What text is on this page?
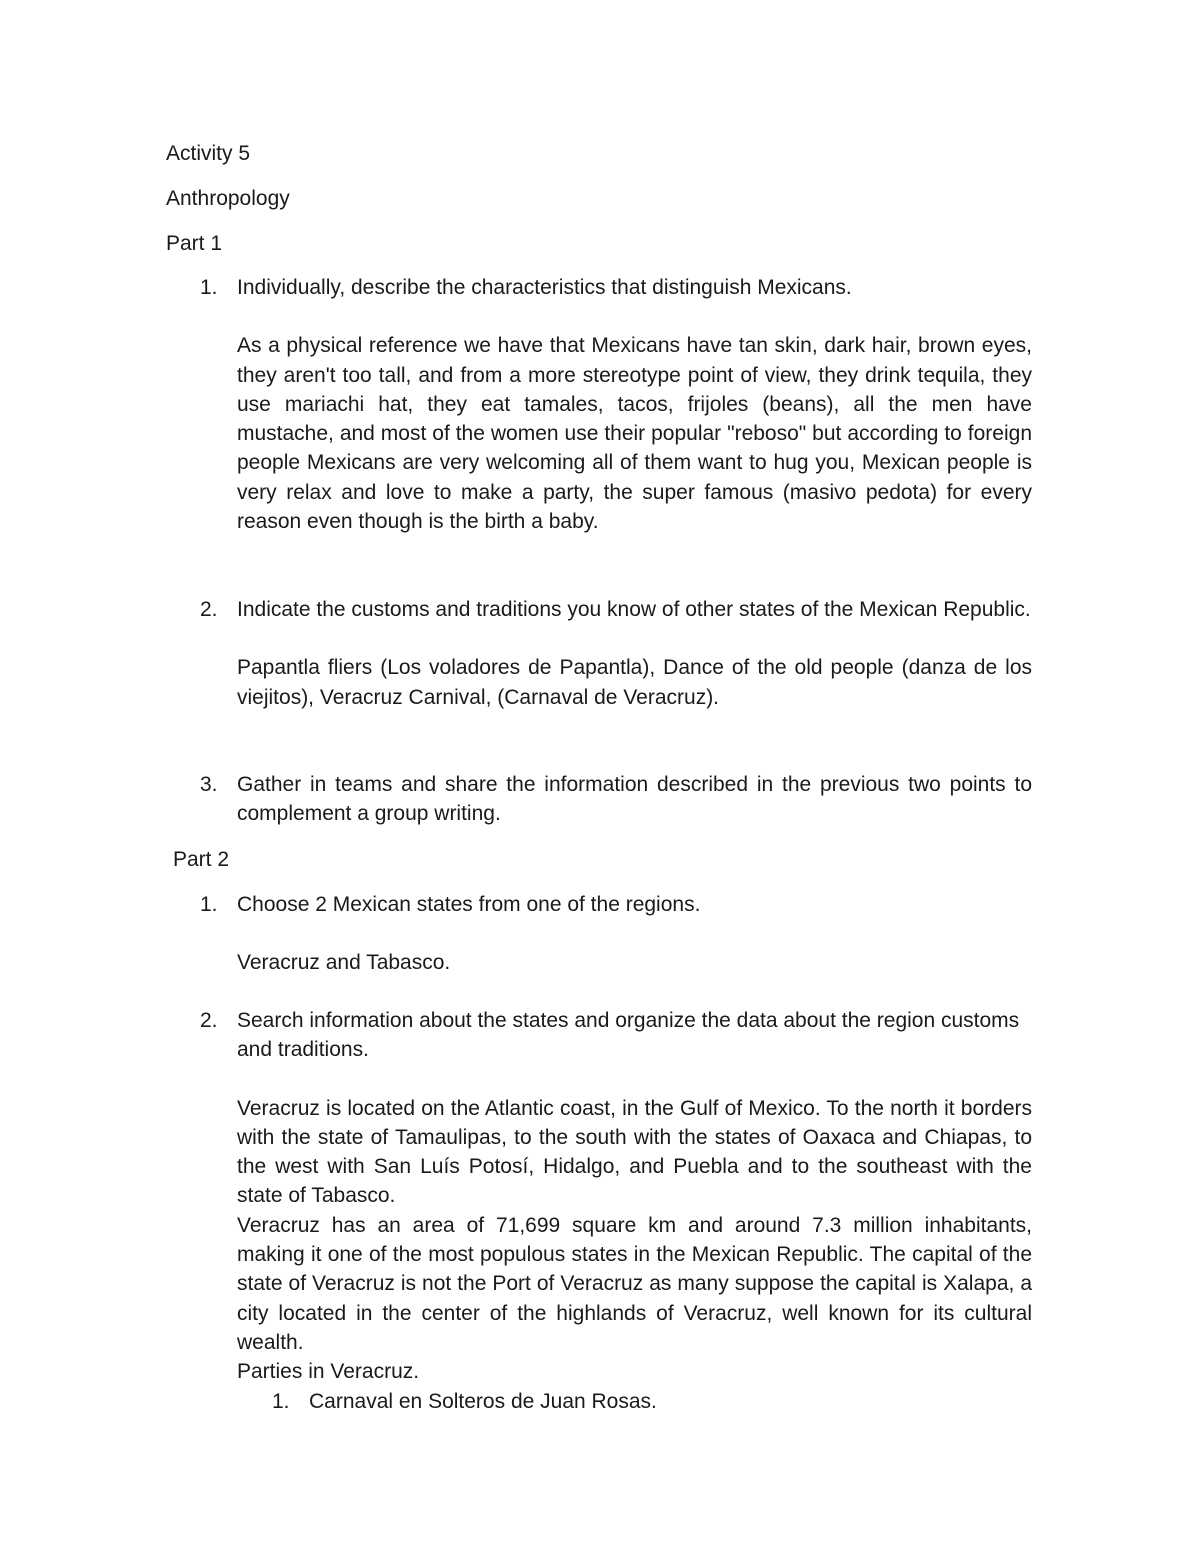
Activity 5
Anthropology
Part 1
1. Individually, describe the characteristics that distinguish Mexicans.
As a physical reference we have that Mexicans have tan skin, dark hair, brown eyes, they aren't too tall, and from a more stereotype point of view, they drink tequila, they use mariachi hat, they eat tamales, tacos, frijoles (beans), all the men have mustache, and most of the women use their popular "reboso" but according to foreign people Mexicans are very welcoming all of them want to hug you, Mexican people is very relax and love to make a party, the super famous (masivo pedota) for every reason even though is the birth a baby.
2. Indicate the customs and traditions you know of other states of the Mexican Republic.
Papantla fliers (Los voladores de Papantla), Dance of the old people (danza de los viejitos), Veracruz Carnival, (Carnaval de Veracruz).
3. Gather in teams and share the information described in the previous two points to complement a group writing.
Part 2
1. Choose 2 Mexican states from one of the regions.
Veracruz and Tabasco.
2. Search information about the states and organize the data about the region customs and traditions.
Veracruz is located on the Atlantic coast, in the Gulf of Mexico. To the north it borders with the state of Tamaulipas, to the south with the states of Oaxaca and Chiapas, to the west with San Luís Potosí, Hidalgo, and Puebla and to the southeast with the state of Tabasco.
Veracruz has an area of 71,699 square km and around 7.3 million inhabitants, making it one of the most populous states in the Mexican Republic. The capital of the state of Veracruz is not the Port of Veracruz as many suppose the capital is Xalapa, a city located in the center of the highlands of Veracruz, well known for its cultural wealth.
Parties in Veracruz.
1. Carnaval en Solteros de Juan Rosas.
